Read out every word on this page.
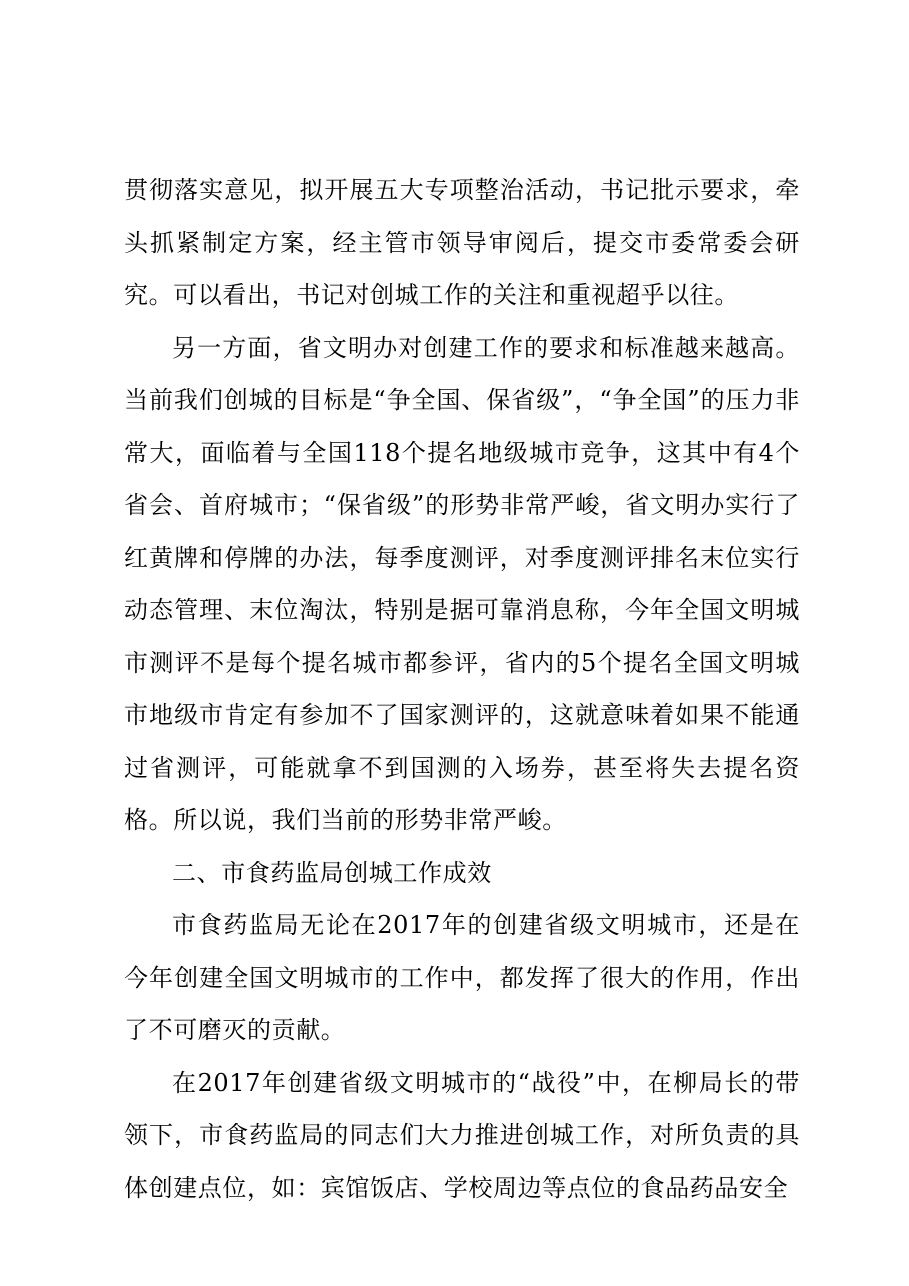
贯彻落实意见，拟开展五大专项整治活动，书记批示要求，牵头抓紧制定方案，经主管市领导审阅后，提交市委常委会研究。可以看出，书记对创城工作的关注和重视超乎以往。

另一方面，省文明办对创建工作的要求和标准越来越高。当前我们创城的目标是“争全国、保省级”，“争全国”的压力非常大，面临着与全国118个提名地级城市竞争，这其中有4个省会、首府城市；“保省级”的形势非常严峻，省文明办实行了红黄牌和停牌的办法，每季度测评，对季度测评排名末位实行动态管理、末位淘汰，特别是据可靠消息称，今年全国文明城市测评不是每个提名城市都参评，省内的5个提名全国文明城市地级市肯定有参加不了国家测评的，这就意味着如果不能通过省测评，可能就拿不到国测的入场券，甚至将失去提名资格。所以说，我们当前的形势非常严峻。

二、市食药监局创城工作成效

市食药监局无论在2017年的创建省级文明城市，还是在今年创建全国文明城市的工作中，都发挥了很大的作用，作出了不可磨灭的贡献。

在2017年创建省级文明城市的“战役”中，在柳局长的带领下，市食药监局的同志们大力推进创城工作，对所负责的具体创建点位，如：宾馆饭店、学校周边等点位的食品药品安全
